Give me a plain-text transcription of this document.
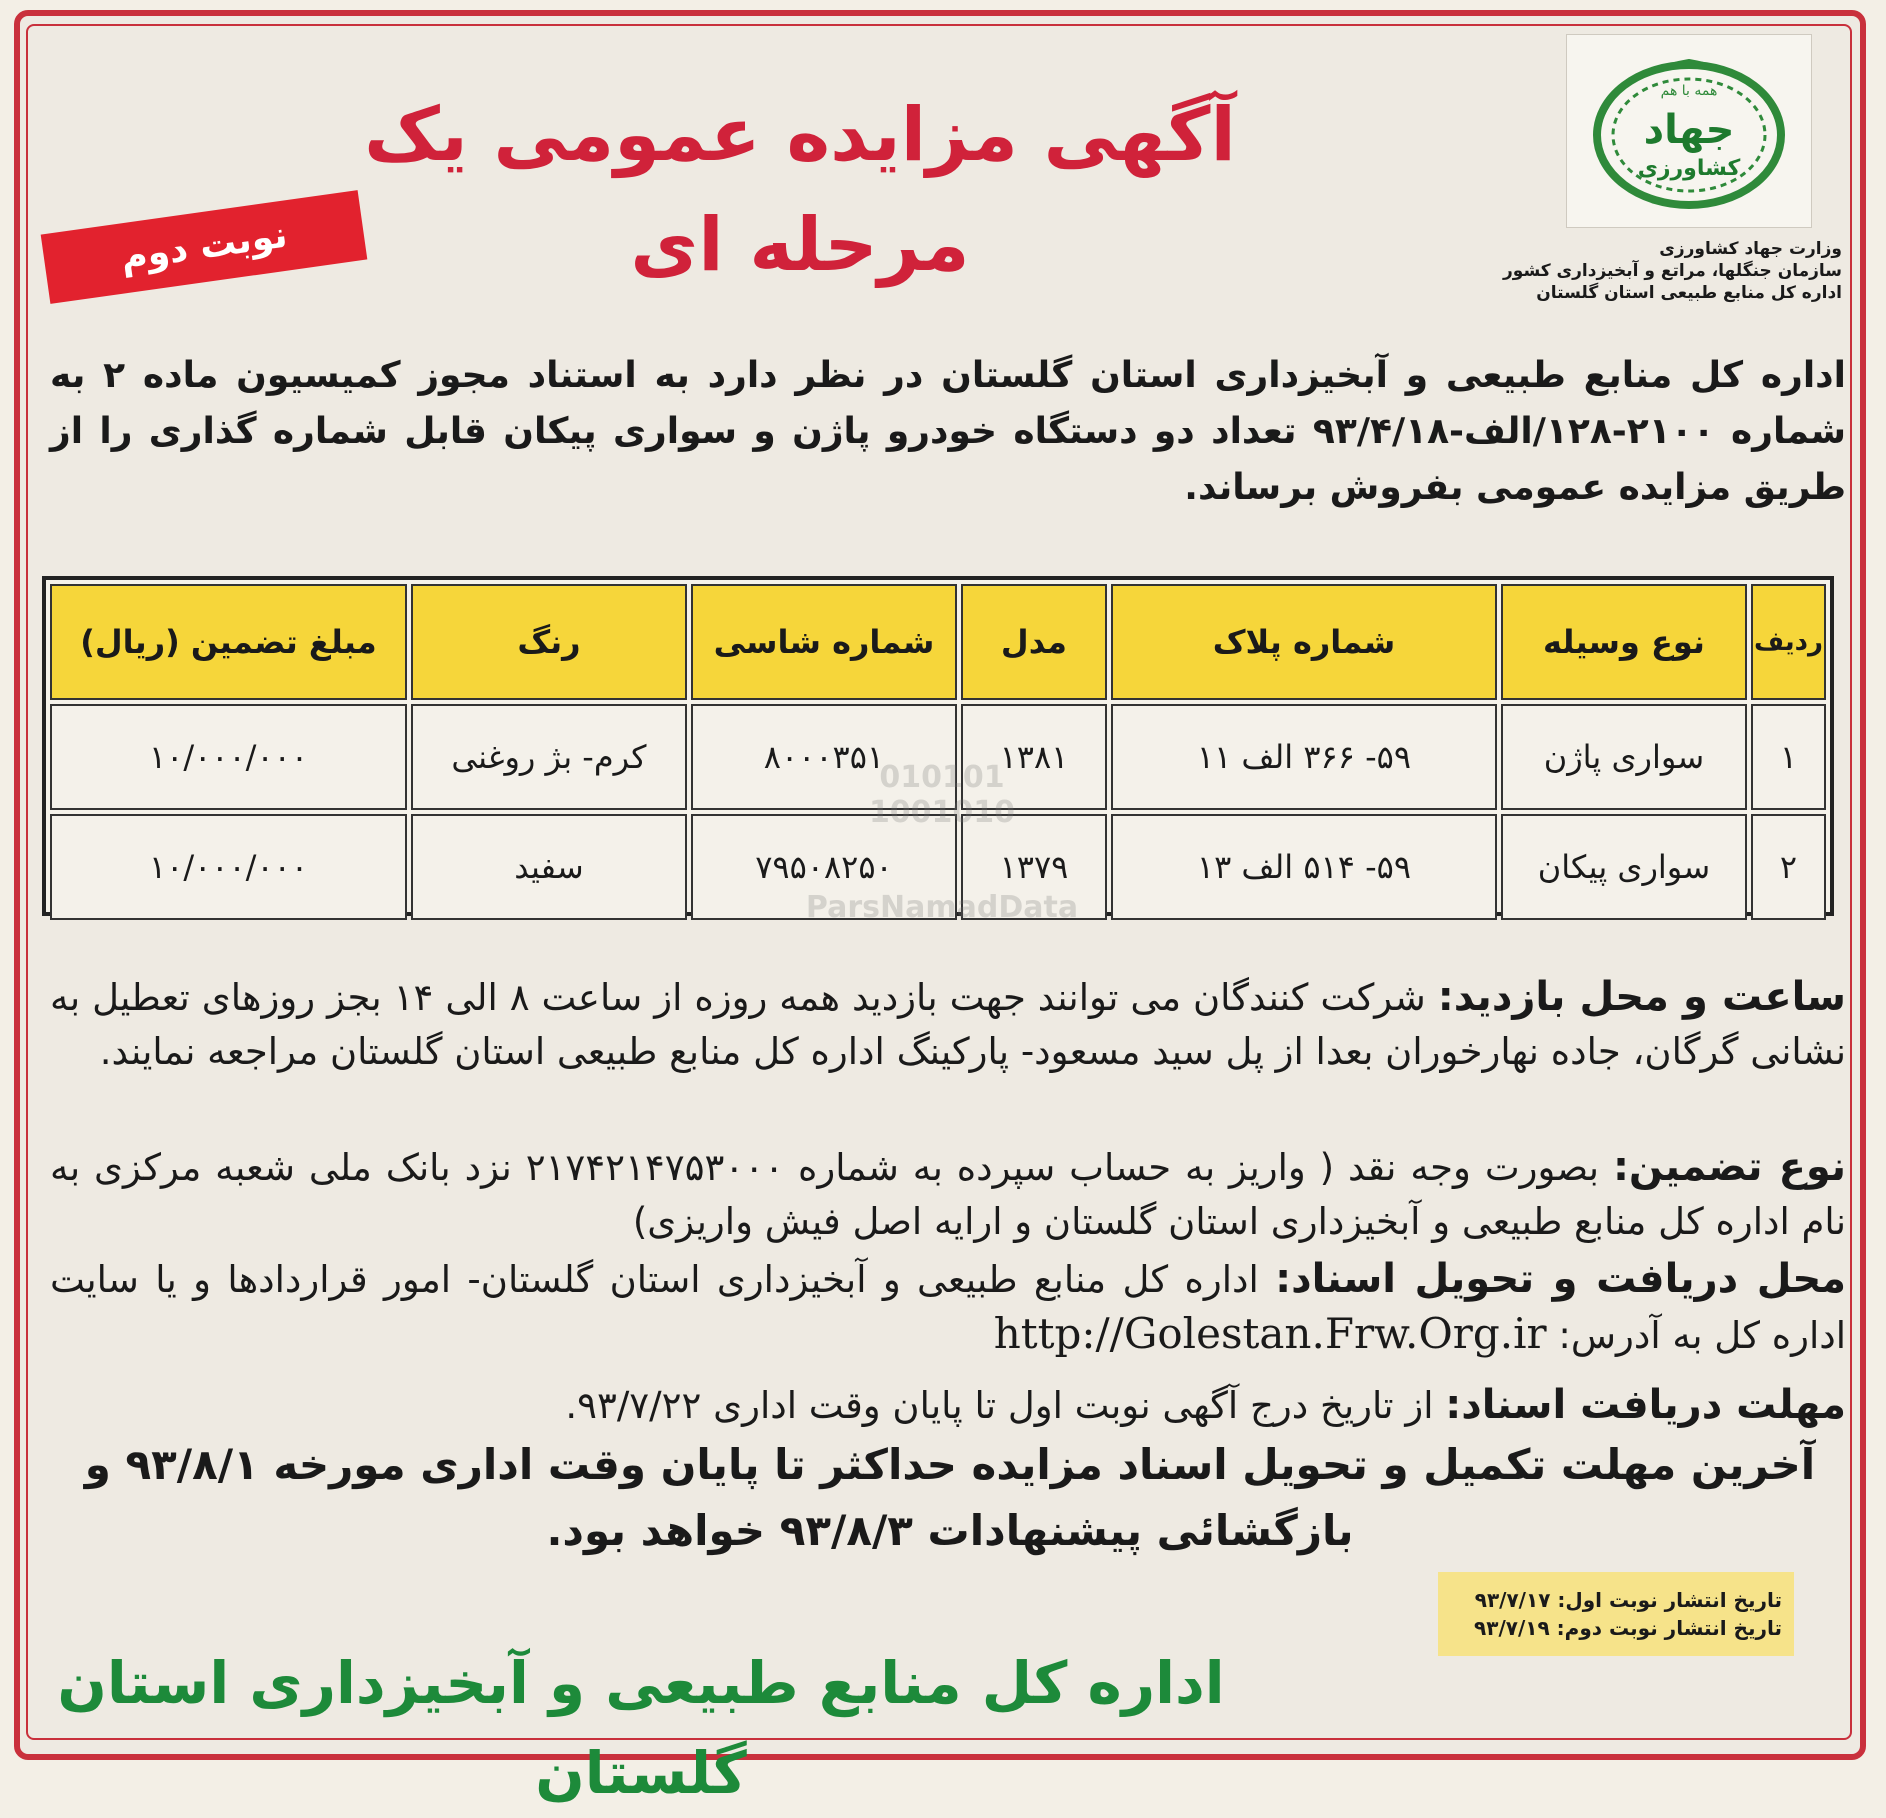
همه با هم
جهاد
کشاورزی
وزارت جهاد کشاورزی
سازمان جنگلها، مراتع و آبخیزداری کشور
اداره کل منابع طبیعی استان گلستان
آگهی مزایده عمومی یک مرحله ای
نوبت دوم
اداره کل منابع طبیعی و آبخیزداری استان گلستان در نظر دارد به استناد مجوز کمیسیون ماده ۲ به شماره ۲۱۰۰-۱۲۸/الف-۹۳/۴/۱۸ تعداد دو دستگاه خودرو پاژن و سواری پیکان قابل شماره گذاری را از طریق مزایده عمومی بفروش برساند.
ردیف	نوع وسیله	شماره پلاک	مدل	شماره شاسی	رنگ	مبلغ تضمین (ریال)
۱	سواری پاژن	۵۹- ۳۶۶ الف ۱۱	۱۳۸۱	۸۰۰۰۳۵۱	کرم- بژ روغنی	۱۰/۰۰۰/۰۰۰
۲	سواری پیکان	۵۹- ۵۱۴ الف ۱۳	۱۳۷۹	۷۹۵۰۸۲۵۰	سفید	۱۰/۰۰۰/۰۰۰
010101
1001010
ParsNamadData
ساعت و محل بازدید: شرکت کنندگان می توانند جهت بازدید همه روزه از ساعت ۸ الی ۱۴ بجز روزهای تعطیل به نشانی گرگان، جاده نهارخوران بعدا از پل سید مسعود- پارکینگ اداره کل منابع طبیعی استان گلستان مراجعه نمایند.
نوع تضمین: بصورت وجه نقد ( واریز به حساب سپرده به شماره ۲۱۷۴۲۱۴۷۵۳۰۰۰ نزد بانک ملی شعبه مرکزی به نام اداره کل منابع طبیعی و آبخیزداری استان گلستان و ارایه اصل فیش واریزی)
محل دریافت و تحویل اسناد: اداره کل منابع طبیعی و آبخیزداری استان گلستان- امور قراردادها و یا سایت اداره کل به آدرس: http://Golestan.Frw.Org.ir
مهلت دریافت اسناد: از تاریخ درج آگهی نوبت اول تا پایان وقت اداری ۹۳/۷/۲۲.
آخرین مهلت تکمیل و تحویل اسناد مزایده حداکثر تا پایان وقت اداری مورخه ۹۳/۸/۱ و
بازگشائی پیشنهادات ۹۳/۸/۳ خواهد بود.
تاریخ انتشار نوبت اول: ۹۳/۷/۱۷
تاریخ انتشار نوبت دوم: ۹۳/۷/۱۹
اداره کل منابع طبیعی و آبخیزداری استان گلستان
